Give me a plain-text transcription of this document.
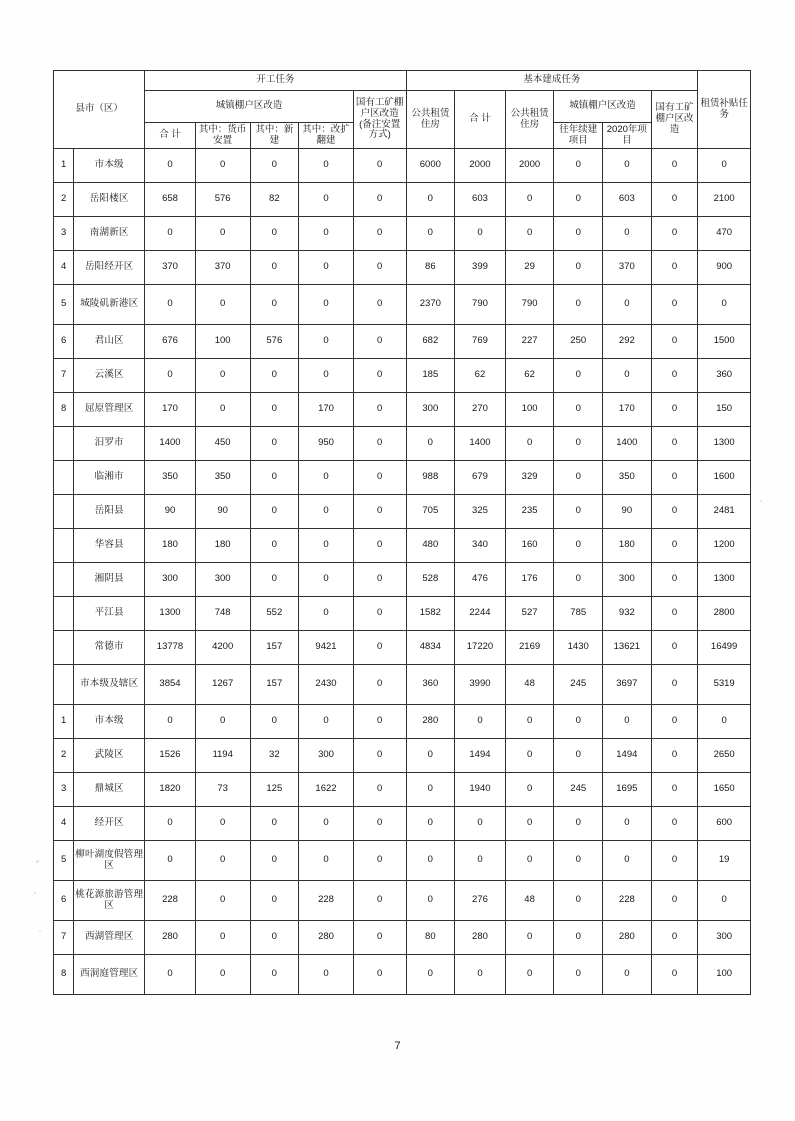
县市（区）		开工任务					基本建成任务						租赁补贴任务
		城镇棚户区改造				国有工矿棚户区改造(备注安置方式)	公共租赁住房	合 计	公共租赁住房	城镇棚户区改造		国有工矿棚户区改造	
		合 计	其中：货币安置	其中：新 建	其中：改扩翻建					往年续建项目	2020年项目		
1	市本级	0	0	0	0	0	6000	2000	2000	0	0	0	0
2	岳阳楼区	658	576	82	0	0	0	603	0	0	603	0	2100
3	南湖新区	0	0	0	0	0	0	0	0	0	0	0	470
4	岳阳经开区	370	370	0	0	0	86	399	29	0	370	0	900
5	城陵矶新港区	0	0	0	0	0	2370	790	790	0	0	0	0
6	君山区	676	100	576	0	0	682	769	227	250	292	0	1500
7	云溪区	0	0	0	0	0	185	62	62	0	0	0	360
8	屈原管理区	170	0	0	170	0	300	270	100	0	170	0	150
	汨罗市	1400	450	0	950	0	0	1400	0	0	1400	0	1300
	临湘市	350	350	0	0	0	988	679	329	0	350	0	1600
	岳阳县	90	90	0	0	0	705	325	235	0	90	0	2481
	华容县	180	180	0	0	0	480	340	160	0	180	0	1200
	湘阴县	300	300	0	0	0	528	476	176	0	300	0	1300
	平江县	1300	748	552	0	0	1582	2244	527	785	932	0	2800
	常德市	13778	4200	157	9421	0	4834	17220	2169	1430	13621	0	16499
	市本级及辖区	3854	1267	157	2430	0	360	3990	48	245	3697	0	5319
1	市本级	0	0	0	0	0	280	0	0	0	0	0	0
2	武陵区	1526	1194	32	300	0	0	1494	0	0	1494	0	2650
3	鼎城区	1820	73	125	1622	0	0	1940	0	245	1695	0	1650
4	经开区	0	0	0	0	0	0	0	0	0	0	0	600
5	柳叶湖度假管理区	0	0	0	0	0	0	0	0	0	0	0	19
6	桃花源旅游管理区	228	0	0	228	0	0	276	48	0	228	0	0
7	西湖管理区	280	0	0	280	0	80	280	0	0	280	0	300
8	西洞庭管理区	0	0	0	0	0	0	0	0	0	0	0	100
7
